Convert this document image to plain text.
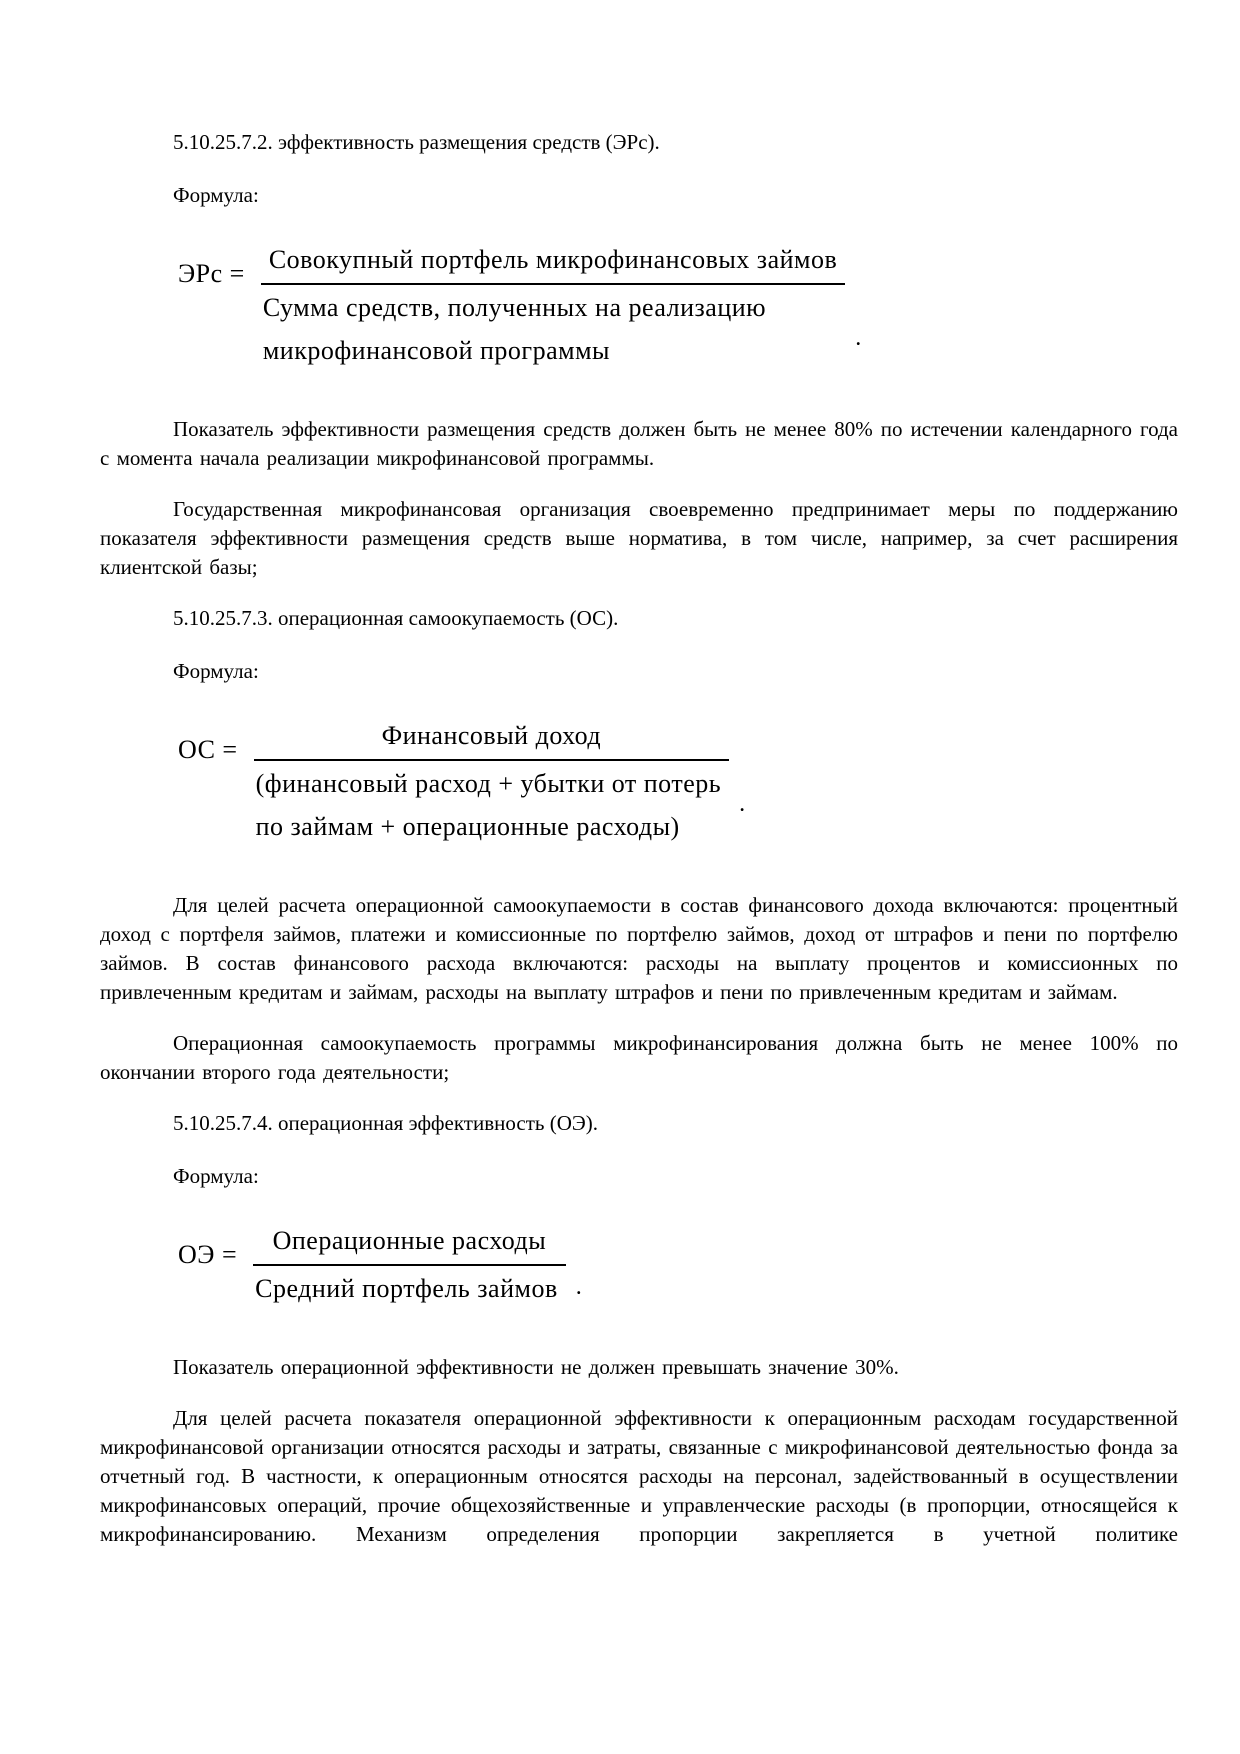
5.10.25.7.2. эффективность размещения средств (ЭРс).

Формула:

ЭРс = Совокупный портфель микрофинансовых займов
Сумма средств, полученных на реализацию
микрофинансовой программы	.

Показатель эффективности размещения средств должен быть не менее 80% по истечении календарного года с момента начала реализации микрофинансовой программы.

Государственная микрофинансовая организация своевременно предпринимает меры по поддержанию показателя эффективности размещения средств выше норматива, в том числе, например, за счет расширения клиентской базы;

5.10.25.7.3. операционная самоокупаемость (ОС).

Формула:

ОС =	Финансовый доход
(финансовый расход + убытки от потерь
по займам + операционные расходы)
.

Для целей расчета операционной самоокупаемости в состав финансового дохода включаются: процентный доход с портфеля займов, платежи и комиссионные по портфелю займов, доход от штрафов и пени по портфелю займов. В состав финансового расхода включаются: расходы на выплату процентов и комиссионных по привлеченным кредитам и займам, расходы на выплату штрафов и пени по привлеченным кредитам и займам.

Операционная самоокупаемость программы микрофинансирования должна быть не менее 100% по окончании второго года деятельности;

5.10.25.7.4. операционная эффективность (ОЭ).

Формула:

ОЭ = $\frac{\text{Операционные расходы}}{\text{Средний портфель займов}}$ .

Показатель операционной эффективности не должен превышать значение 30%.

Для целей расчета показателя операционной эффективности к операционным расходам государственной микрофинансовой организации относятся расходы и затраты, связанные с микрофинансовой деятельностью фонда за отчетный год. В частности, к операционным относятся расходы на персонал, задействованный в осуществлении микрофинансовых операций, прочие общехозяйственные и управленческие расходы (в пропорции, относящейся к микрофинансированию. Механизм определения пропорции закрепляется в учетной политике
